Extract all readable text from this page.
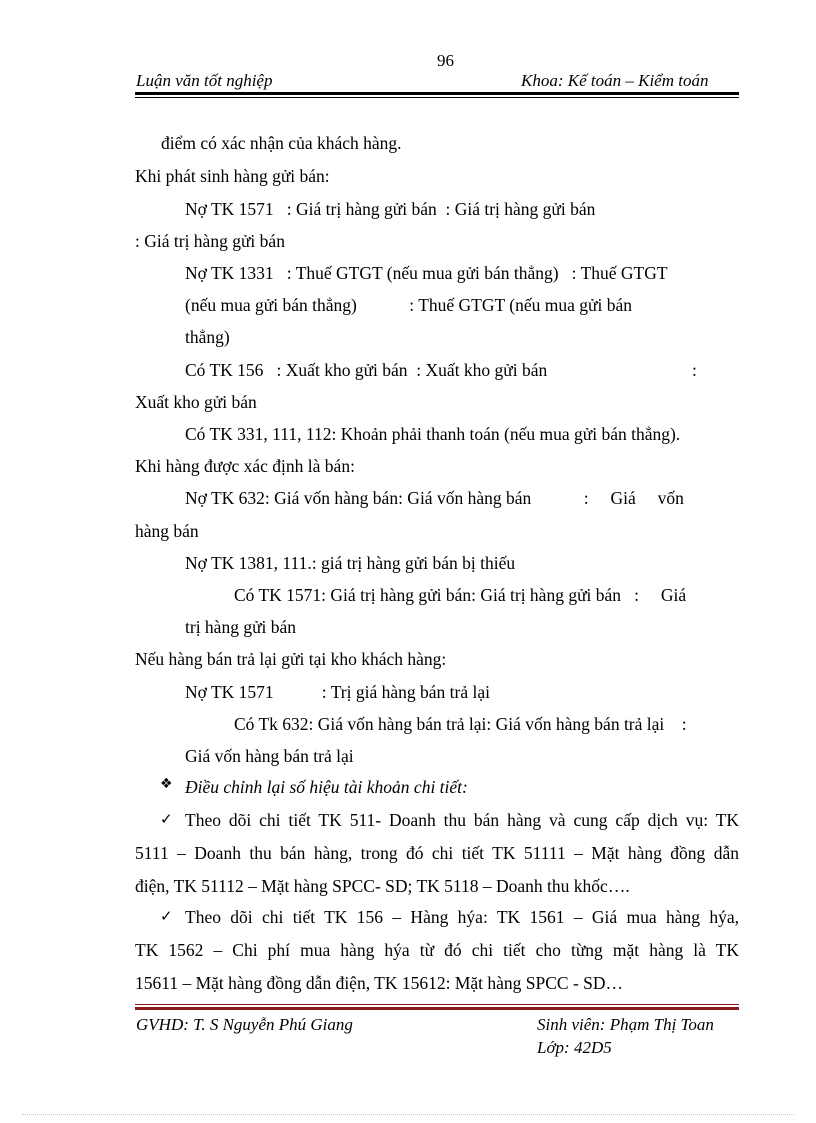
96
Luận văn tốt nghiệp	Khoa: Kế toán – Kiểm toán
điểm có xác nhận của khách hàng.
Khi phát sinh hàng gửi bán:
Nợ TK 1571   : Giá trị hàng gửi bán  : Giá trị hàng gửi bán
: Giá trị hàng gửi bán
Nợ TK 1331   : Thuế GTGT (nếu mua gửi bán thẳng)   : Thuế GTGT
(nếu mua gửi bán thẳng)            : Thuế GTGT (nếu mua gửi bán
thẳng)
Có TK 156   : Xuất kho gửi bán  : Xuất kho gửi bán	:
Xuất kho gửi bán
Có TK 331, 111, 112: Khoản phải thanh toán (nếu mua gửi bán thẳng).
Khi hàng được xác định là bán:
Nợ TK 632: Giá vốn hàng bán: Giá vốn hàng bán            :     Giá     vốn
hàng bán
Nợ TK 1381, 111.: giá trị hàng gửi bán bị thiếu
Có TK 1571: Giá trị hàng gửi bán: Giá trị hàng gửi bán   :     Giá
trị hàng gửi bán
Nếu hàng bán trả lại gửi tại kho khách hàng:
Nợ TK 1571           : Trị giá hàng bán trả lại
Có Tk 632: Giá vốn hàng bán trả lại: Giá vốn hàng bán trả lại    :
Giá vốn hàng bán trả lại
❖ Điều chỉnh lại số hiệu tài khoản chi tiết:
✓ Theo dõi chi tiết TK 511- Doanh thu bán hàng và cung cấp dịch vụ: TK
5111 – Doanh thu bán hàng, trong đó chi tiết TK 51111 – Mặt hàng đồng dẫn
điện, TK 51112 – Mặt hàng SPCC- SD; TK 5118 – Doanh thu khốc….
✓ Theo dõi chi tiết TK 156 – Hàng hýa: TK 1561 – Giá mua hàng hýa,
TK 1562 – Chi phí mua hàng hýa từ đó chi tiết cho từng mặt hàng là TK
15611 – Mặt hàng đồng dẫn điện, TK 15612: Mặt hàng SPCC - SD…
GVHD: T. S Nguyễn Phú Giang	Sinh viên: Phạm Thị Toan
Lớp: 42D5
